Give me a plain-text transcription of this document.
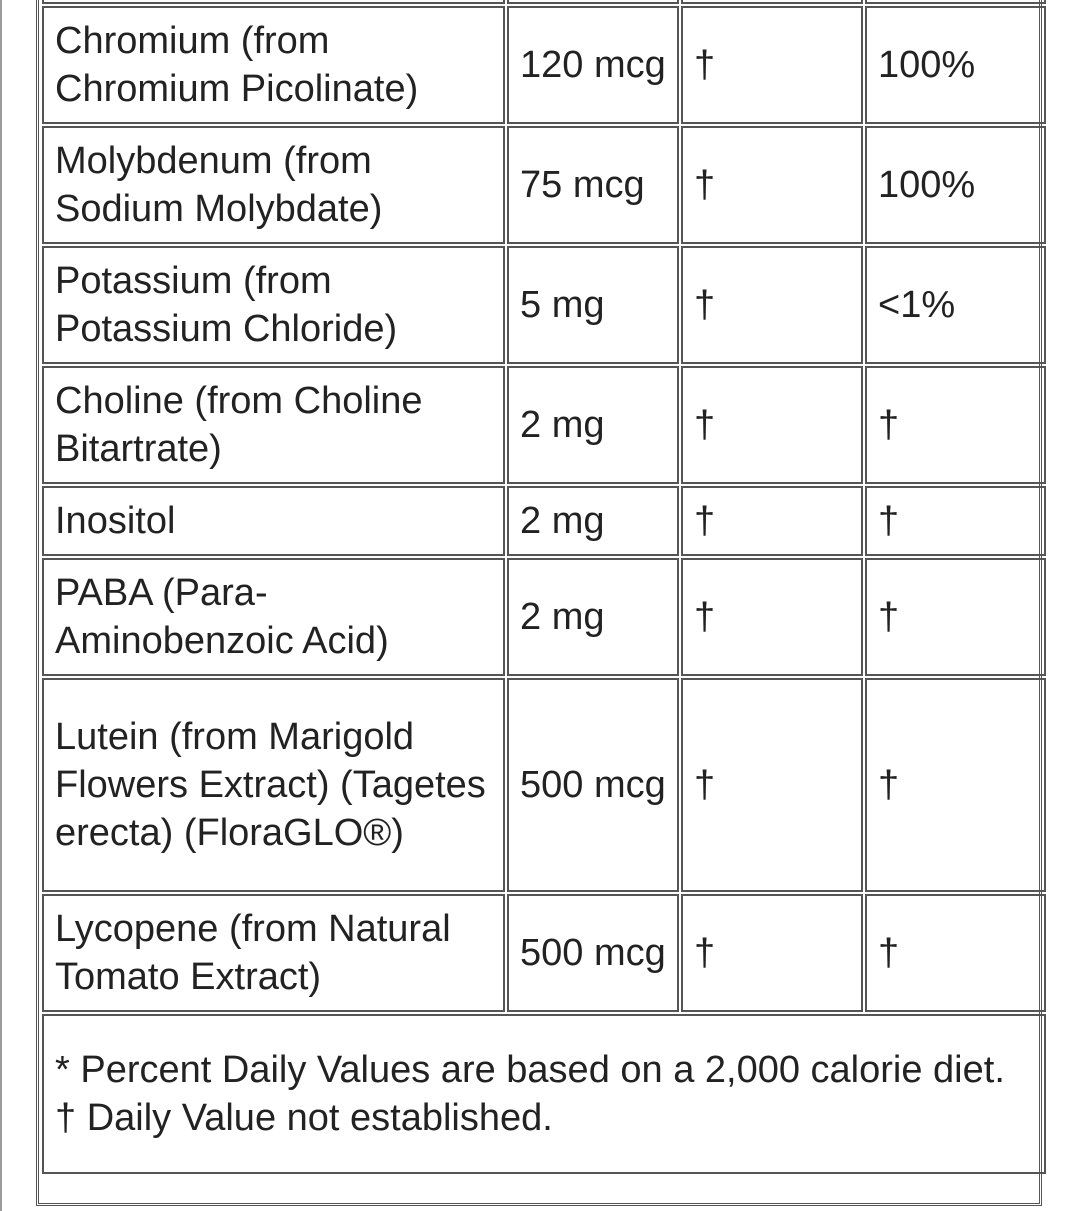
Chromium (from Chromium Picolinate)	120 mcg	†	100%
Molybdenum (from Sodium Molybdate)	75 mcg	†	100%
Potassium (from Potassium Chloride)	5 mg	†	<1%
Choline (from Choline Bitartrate)	2 mg	†	†
Inositol	2 mg	†	†
PABA (Para-Aminobenzoic Acid)	2 mg	†	†
Lutein (from Marigold Flowers Extract) (Tagetes erecta) (FloraGLO®)	500 mcg	†	†
Lycopene (from Natural Tomato Extract)	500 mcg	†	†

* Percent Daily Values are based on a 2,000 calorie diet.
† Daily Value not established.			
